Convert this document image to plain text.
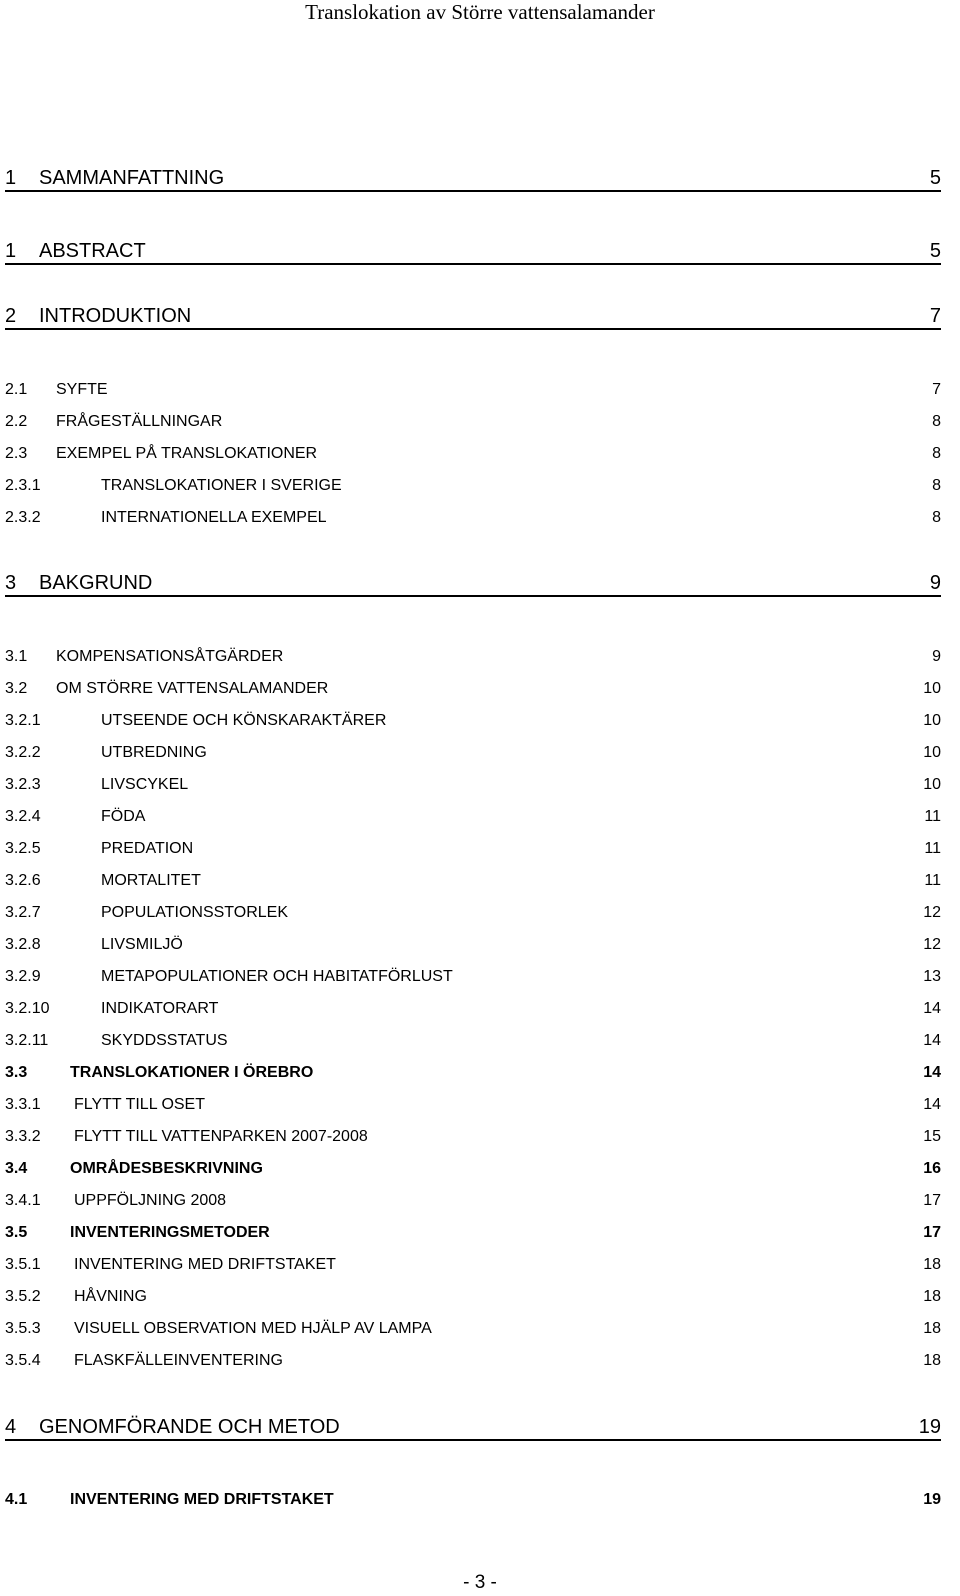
Translokation av Större vattensalamander
1 SAMMANFATTNING	5
1 ABSTRACT	5
2 INTRODUKTION	7
2.1 SYFTE	7
2.2 FRÅGESTÄLLNINGAR	8
2.3 EXEMPEL PÅ TRANSLOKATIONER	8
2.3.1	TRANSLOKATIONER I SVERIGE	8
2.3.2	INTERNATIONELLA EXEMPEL	8
3 BAKGRUND	9
3.1 KOMPENSATIONSÅTGÄRDER	9
3.2 OM STÖRRE VATTENSALAMANDER	10
3.2.1	UTSEENDE OCH KÖNSKARAKTÄRER	10
3.2.2	UTBREDNING	10
3.2.3	LIVSCYKEL	10
3.2.4	FÖDA	11
3.2.5	PREDATION	11
3.2.6	MORTALITET	11
3.2.7	POPULATIONSSTORLEK	12
3.2.8	LIVSMILJÖ	12
3.2.9	METAPOPULATIONER OCH HABITATFÖRLUST	13
3.2.10	INDIKATORART	14
3.2.11	SKYDDSSTATUS	14
3.3	TRANSLOKATIONER I ÖREBRO	14
3.3.1 FLYTT TILL OSET	14
3.3.2 FLYTT TILL VATTENPARKEN 2007-2008	15
3.4	OMRÅDESBESKRIVNING	16
3.4.1 UPPFÖLJNING 2008	17
3.5	INVENTERINGSMETODER	17
3.5.1 INVENTERING MED DRIFTSTAKET	18
3.5.2 HÅVNING	18
3.5.3 VISUELL OBSERVATION MED HJÄLP AV LAMPA	18
3.5.4 FLASKFÄLLEINVENTERING	18
4 GENOMFÖRANDE OCH METOD	19
4.1	INVENTERING MED DRIFTSTAKET	19
- 3 -
